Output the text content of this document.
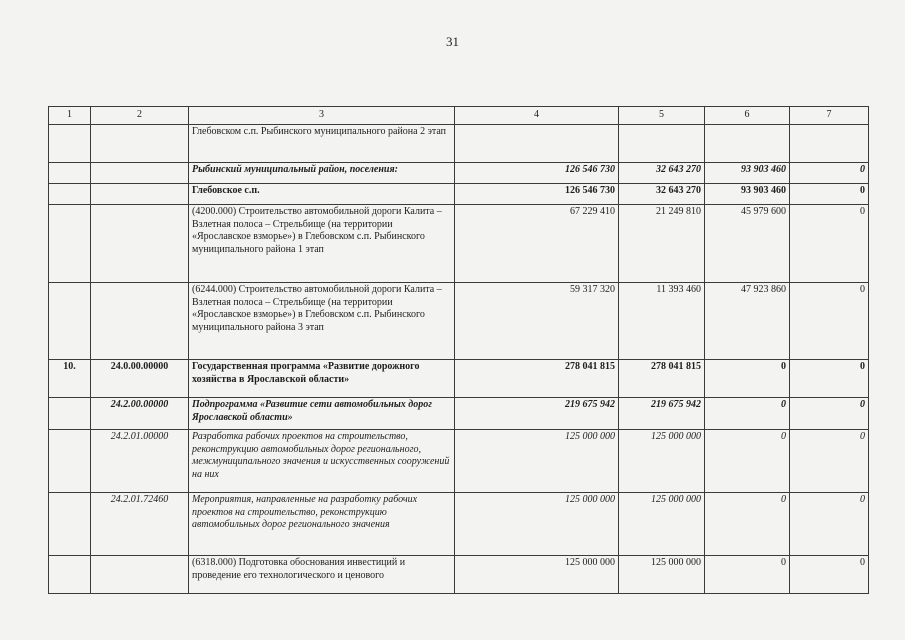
31
1	2	3	4	5	6	7
		Глебовском с.п. Рыбинского муниципального района 2 этап				
		Рыбинский муниципальный район, поселения:	126 546 730	32 643 270	93 903 460	0
		Глебовское с.п.	126 546 730	32 643 270	93 903 460	0
		(4200.000) Строительство автомобильной дороги Калита – Взлетная полоса – Стрельбище (на территории «Ярославское взморье») в Глебовском с.п. Рыбинского муниципального района 1 этап	67 229 410	21 249 810	45 979 600	0
		(6244.000) Строительство автомобильной дороги Калита – Взлетная полоса – Стрельбище (на территории «Ярославское взморье») в Глебовском с.п. Рыбинского муниципального района 3 этап	59 317 320	11 393 460	47 923 860	0
10.	24.0.00.00000	Государственная программа «Развитие дорожного хозяйства в Ярославской области»	278 041 815	278 041 815	0	0
	24.2.00.00000	Подпрограмма «Развитие сети автомобильных дорог Ярославской области»	219 675 942	219 675 942	0	0
	24.2.01.00000	Разработка рабочих проектов на строительство, реконструкцию автомобильных дорог регионального, межмуниципального значения и искусственных сооружений на них	125 000 000	125 000 000	0	0
	24.2.01.72460	Мероприятия, направленные на разработку рабочих проектов на строительство, реконструкцию автомобильных дорог регионального значения	125 000 000	125 000 000	0	0
		(6318.000) Подготовка обоснования инвестиций и проведение его технологического и ценового	125 000 000	125 000 000	0	0
